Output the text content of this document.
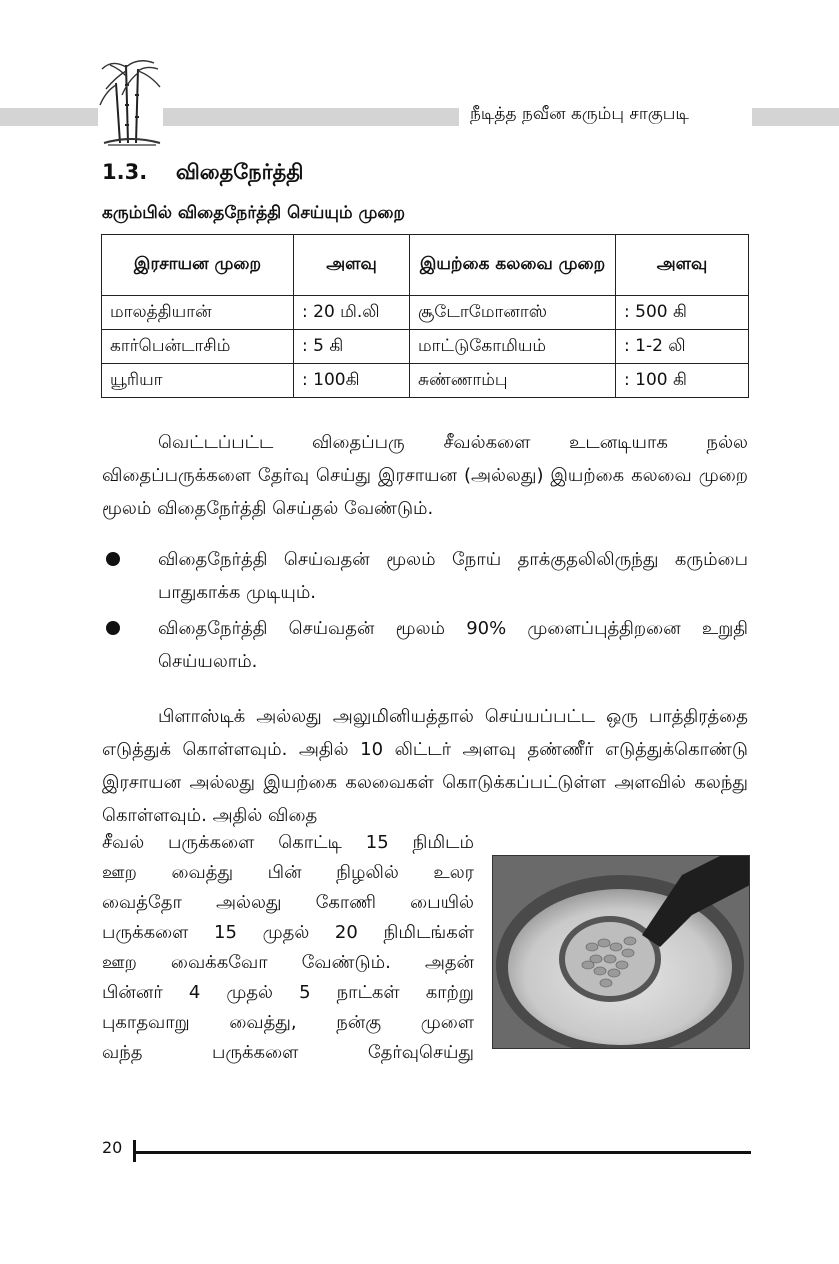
நீடித்த நவீன கரும்பு சாகுபடி
1.3. விதைநேர்த்தி
கரும்பில் விதைநேர்த்தி செய்யும் முறை
இரசாயன முறை	அளவு	இயற்கை கலவை முறை	அளவு
மாலத்தியான்	: 20 மி.லி	சூடோமோனாஸ்	: 500 கி
கார்பென்டாசிம்	: 5 கி	மாட்டுகோமியம்	: 1-2 லி
யூரியா	: 100கி	சுண்ணாம்பு	: 100 கி

வெட்டப்பட்ட விதைப்பரு சீவல்களை உடனடியாக நல்ல விதைப்பருக்களை தேர்வு செய்து இரசாயன (அல்லது) இயற்கை கலவை முறை மூலம் விதைநேர்த்தி செய்தல் வேண்டும்.

விதைநேர்த்தி செய்வதன் மூலம் நோய் தாக்குதலிலிருந்து கரும்பை பாதுகாக்க முடியும்.

விதைநேர்த்தி செய்வதன் மூலம் 90% முளைப்புத்திறனை உறுதி செய்யலாம்.

பிளாஸ்டிக் அல்லது அலுமினியத்தால் செய்யப்பட்ட ஒரு பாத்திரத்தை எடுத்துக் கொள்ளவும். அதில் 10 லிட்டர் அளவு தண்ணீர் எடுத்துக்கொண்டு இரசாயன அல்லது இயற்கை கலவைகள் கொடுக்கப்பட்டுள்ள அளவில் கலந்து கொள்ளவும். அதில் விதை

சீவல் பருக்களை கொட்டி 15 நிமிடம்
ஊற வைத்து பின் நிழலில் உலர
வைத்தோ அல்லது கோணி பையில்
பருக்களை 15 முதல் 20 நிமிடங்கள்
ஊற வைக்கவோ வேண்டும். அதன்
பின்னர் 4 முதல் 5 நாட்கள் காற்று
புகாதவாறு வைத்து, நன்கு முளை
வந்த	பருக்களை	தேர்வுசெய்து
20
